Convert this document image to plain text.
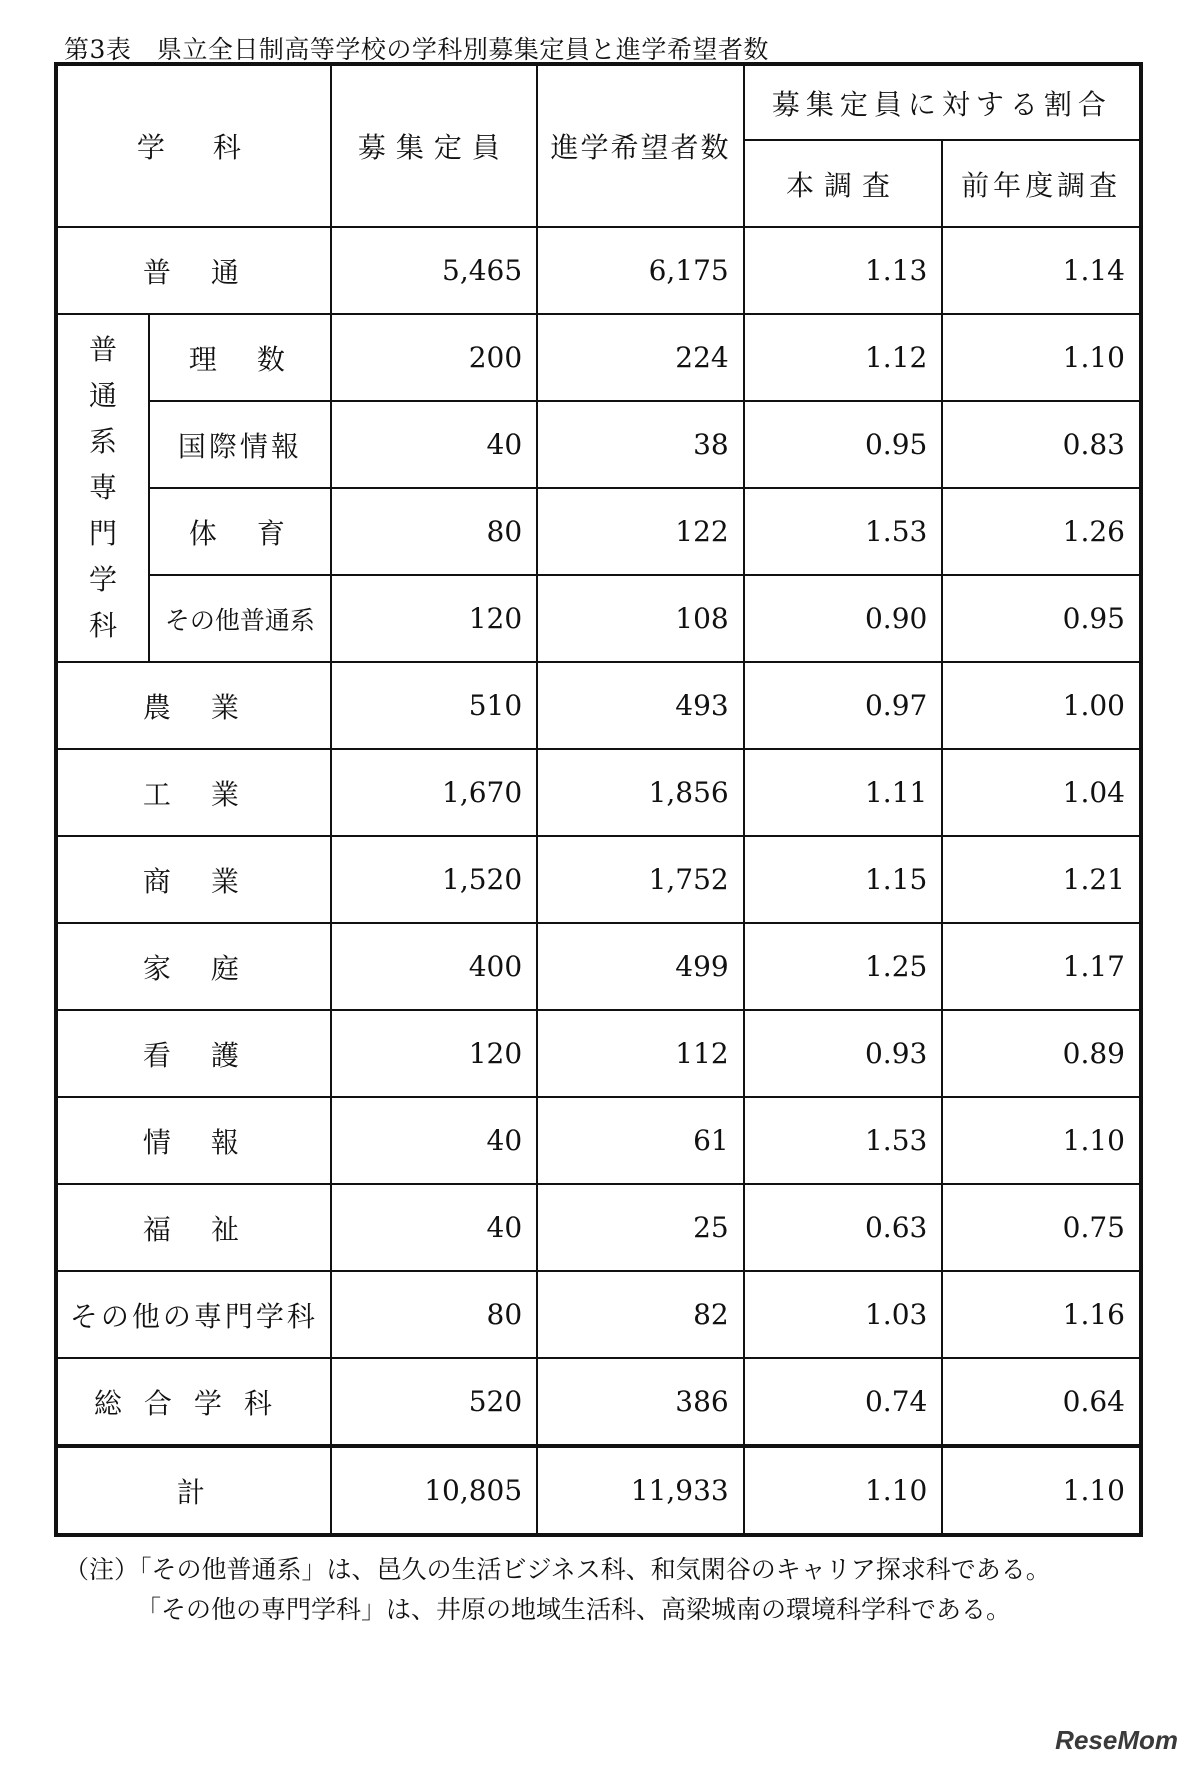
第3表　県立全日制高等学校の学科別募集定員と進学希望者数
学　科		募集定員	進学希望者数	募集定員に対する割合	
				本調査	前年度調査
普　通		5,465	6,175	1.13	1.14
普通系専門学科	理　数	200	224	1.12	1.10
	国際情報	40	38	0.95	0.83
	体　育	80	122	1.53	1.26
	その他普通系	120	108	0.90	0.95
農　業		510	493	0.97	1.00
工　業		1,670	1,856	1.11	1.04
商　業		1,520	1,752	1.15	1.21
家　庭		400	499	1.25	1.17
看　護		120	112	0.93	0.89
情　報		40	61	1.53	1.10
福　祉		40	25	0.63	0.75
その他の専門学科		80	82	1.03	1.16
総合学科		520	386	0.74	0.64
計		10,805	11,933	1.10	1.10
（注）「その他普通系」は、邑久の生活ビジネス科、和気閑谷のキャリア探求科である。
「その他の専門学科」は、井原の地域生活科、高梁城南の環境科学科である。
ReseMom
